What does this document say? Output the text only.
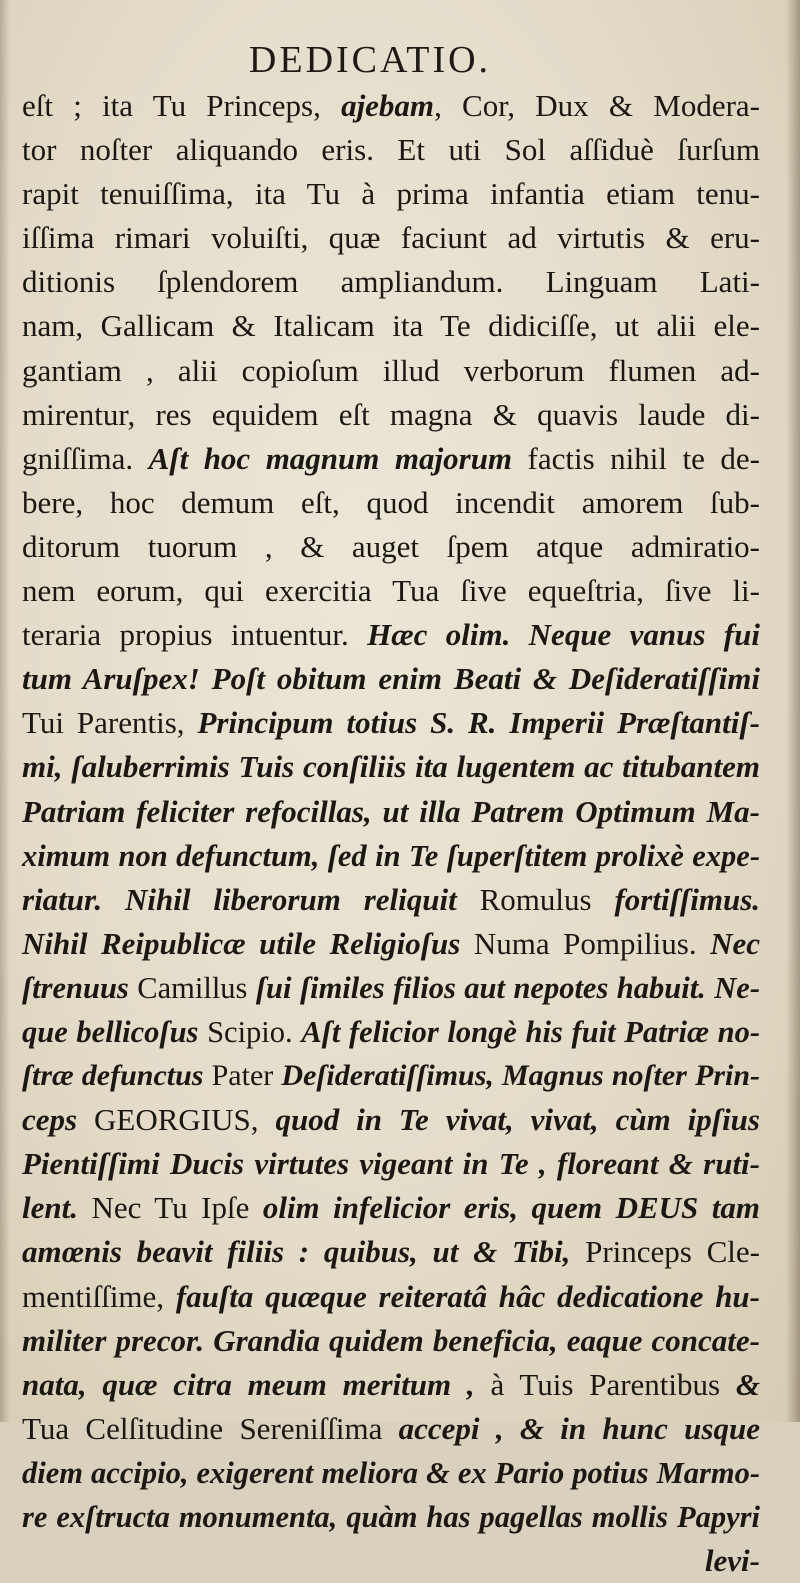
DEDICATIO.
eſt ; ita Tu Princeps, ajebam, Cor, Dux & Modera-
tor noſter aliquando eris. Et uti Sol aſſiduè ſurſum
rapit tenuiſſima, ita Tu à prima infantia etiam tenu-
iſſima rimari voluiſti, quæ faciunt ad virtutis & eru-
ditionis ſplendorem ampliandum. Linguam Lati-
nam, Gallicam & Italicam ita Te didiciſſe, ut alii ele-
gantiam , alii copioſum illud verborum flumen ad-
mirentur, res equidem eſt magna & quavis laude di-
gniſſima. Aſt hoc magnum majorum factis nihil te de-
bere, hoc demum eſt, quod incendit amorem ſub-
ditorum tuorum , & auget ſpem atque admiratio-
nem eorum, qui exercitia Tua ſive equeſtria, ſive li-
teraria propius intuentur. Hæc olim. Neque vanus fui
tum Aruſpex! Poſt obitum enim Beati & Deſideratiſſimi
Tui Parentis, Principum totius S. R. Imperii Præſtantiſ-
mi, ſaluberrimis Tuis conſiliis ita lugentem ac titubantem
Patriam feliciter refocillas, ut illa Patrem Optimum Ma-
ximum non defunctum, ſed in Te ſuperſtitem prolixè expe-
riatur. Nihil liberorum reliquit Romulus fortiſſimus.
Nihil Reipublicæ utile Religioſus Numa Pompilius. Nec
ſtrenuus Camillus ſui ſimiles filios aut nepotes habuit. Ne-
que bellicoſus Scipio. Aſt felicior longè his fuit Patriæ no-
ſtræ defunctus Pater Deſideratiſſimus, Magnus noſter Prin-
ceps GEORGIUS, quod in Te vivat, vivat, cùm ipſius
Pientiſſimi Ducis virtutes vigeant in Te , floreant & ruti-
lent. Nec Tu Ipſe olim infelicior eris, quem DEUS tam
amœnis beavit filiis : quibus, ut & Tibi, Princeps Cle-
mentiſſime, fauſta quæque reiteratâ hâc dedicatione hu-
militer precor. Grandia quidem beneficia, eaque concate-
nata, quæ citra meum meritum , à Tuis Parentibus &
Tua Celſitudine Sereniſſima accepi , & in hunc usque
diem accipio, exigerent meliora & ex Pario potius Marmo-
re exſtructa monumenta, quàm has pagellas mollis Papyri
levi-
